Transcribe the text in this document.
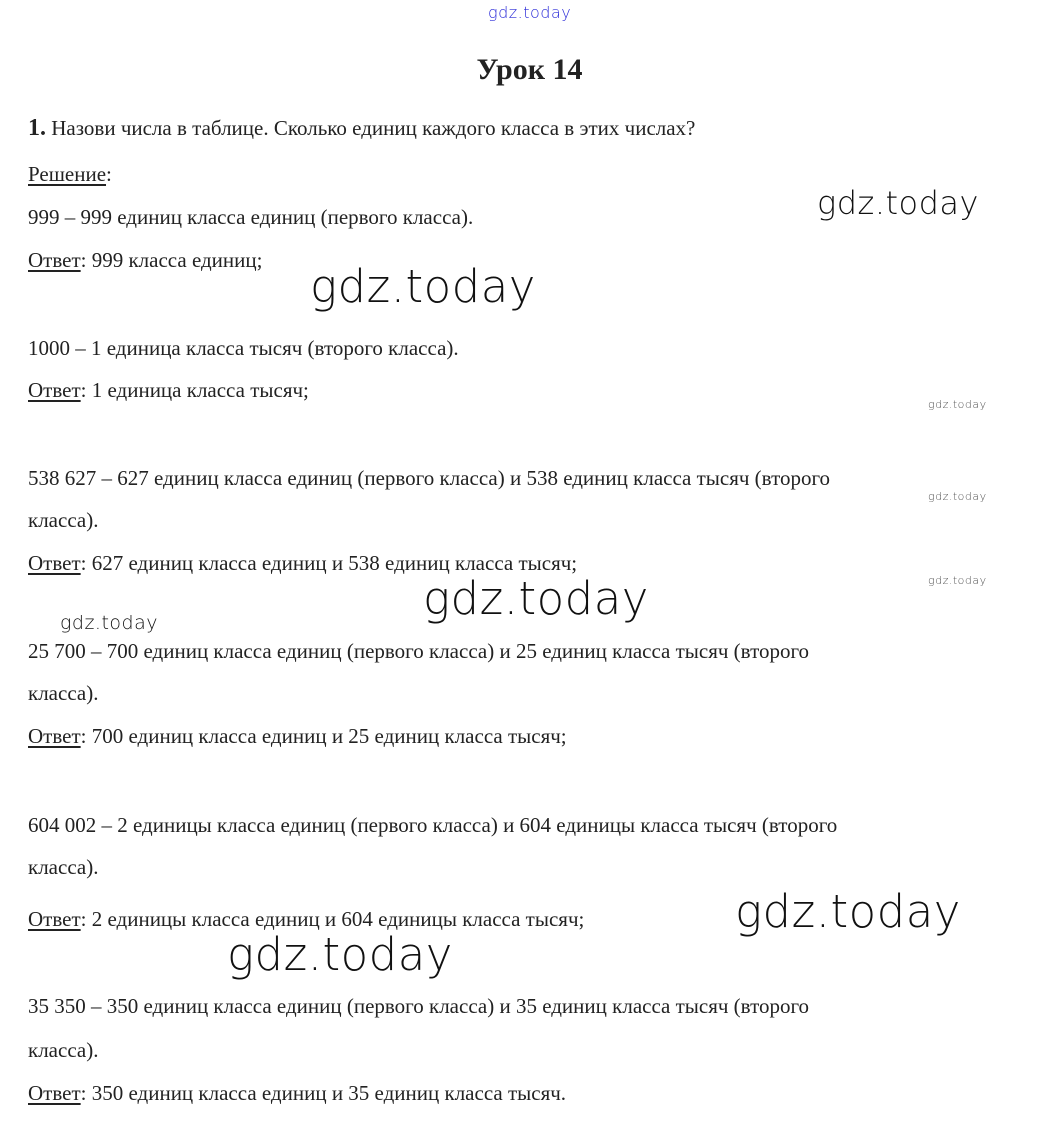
gdz.today
gdz.today
gdz.today
gdz.today
gdz.today
gdz.today
gdz.today
gdz.today
gdz.today
gdz.today
Урок 14
1. Назови числа в таблице. Сколько единиц каждого класса в этих числах?
Решение:
999 – 999 единиц класса единиц (первого класса).
Ответ: 999 класса единиц;
1000 – 1 единица класса тысяч (второго класса).
Ответ: 1 единица класса тысяч;
538 627 – 627 единиц класса единиц (первого класса) и 538 единиц класса тысяч (второго
класса).
Ответ: 627 единиц класса единиц и 538 единиц класса тысяч;
25 700 – 700 единиц класса единиц (первого класса) и 25 единиц класса тысяч (второго
класса).
Ответ: 700 единиц класса единиц и 25 единиц класса тысяч;
604 002 – 2 единицы класса единиц (первого класса) и 604 единицы класса тысяч (второго
класса).
Ответ: 2 единицы класса единиц и 604 единицы класса тысяч;
35 350 – 350 единиц класса единиц (первого класса) и 35 единиц класса тысяч (второго
класса).
Ответ: 350 единиц класса единиц и 35 единиц класса тысяч.
